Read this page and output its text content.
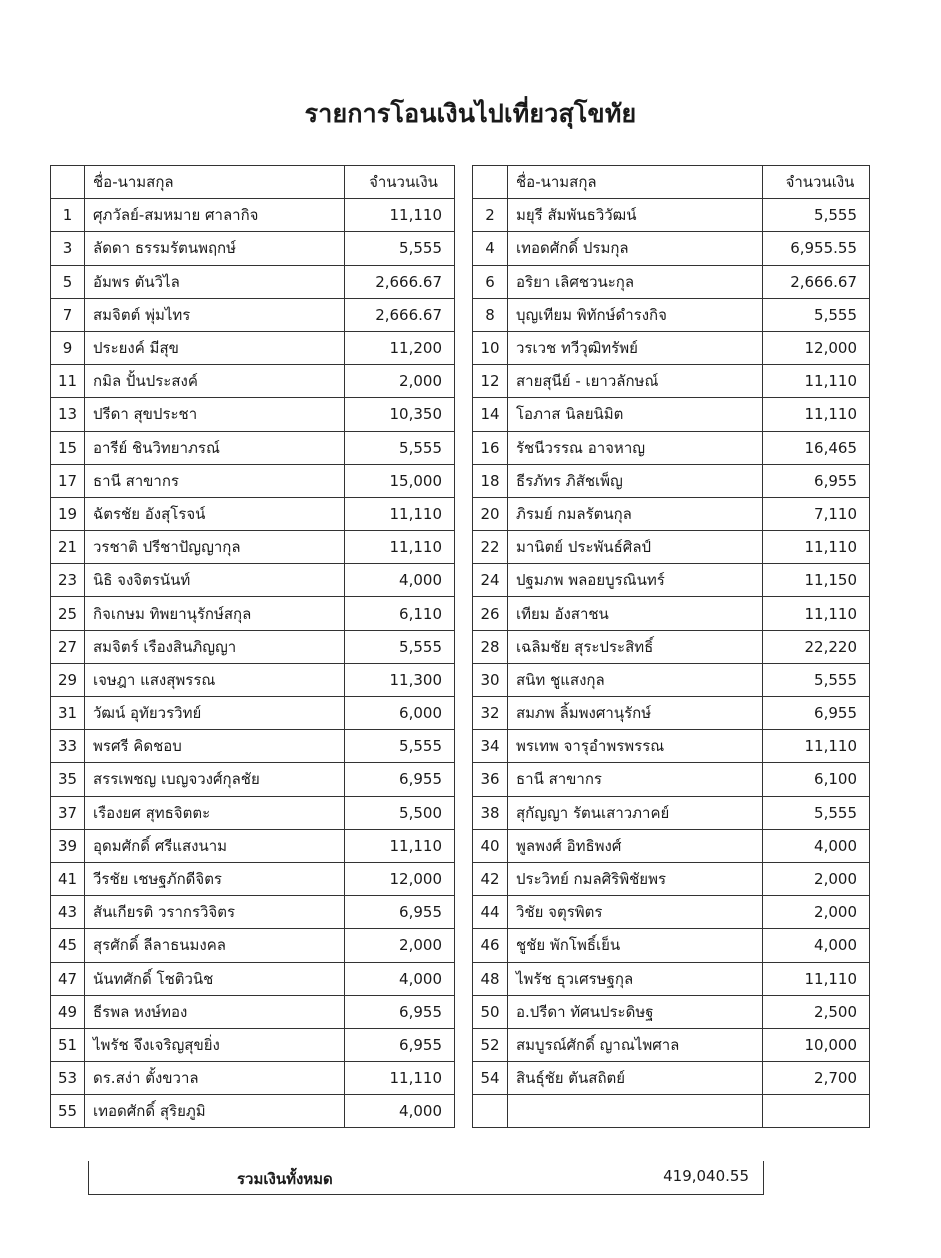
รายการโอนเงินไปเที่ยวสุโขทัย
	ชื่อ-นามสกุล	จำนวนเงิน
1	ศุภวัลย์-สมหมาย ศาลากิจ	11,110
3	ลัดดา ธรรมรัตนพฤกษ์	5,555
5	อัมพร ตันวิไล	2,666.67
7	สมจิตต์ พุ่มไทร	2,666.67
9	ประยงค์ มีสุข	11,200
11	กมิล ปั้นประสงค์	2,000
13	ปรีดา สุขประชา	10,350
15	อารีย์ ชินวิทยาภรณ์	5,555
17	ธานี สาขากร	15,000
19	ฉัตรชัย อังสุโรจน์	11,110
21	วรชาติ ปรีชาปัญญากุล	11,110
23	นิธิ จงจิตรนันท์	4,000
25	กิจเกษม ทิพยานุรักษ์สกุล	6,110
27	สมจิตร์ เรืองสินภิญญา	5,555
29	เจษฎา แสงสุพรรณ	11,300
31	วัฒน์ อุทัยวรวิทย์	6,000
33	พรศรี คิดชอบ	5,555
35	สรรเพชญ เบญจวงศ์กุลชัย	6,955
37	เรืองยศ สุทธจิตตะ	5,500
39	อุดมศักดิ์ ศรีแสงนาม	11,110
41	วีรชัย เชษฐภักดีจิตร	12,000
43	สันเกียรติ วรากรวิจิตร	6,955
45	สุรศักดิ์ ลีลาธนมงคล	2,000
47	นันทศักดิ์ โชติวนิช	4,000
49	ธีรพล หงษ์ทอง	6,955
51	ไพรัช จึงเจริญสุขยิ่ง	6,955
53	ดร.สง่า ตั้งขวาล	11,110
55	เทอดศักดิ์ สุริยภูมิ	4,000
	ชื่อ-นามสกุล	จำนวนเงิน
2	มยุรี สัมพันธวิวัฒน์	5,555
4	เทอดศักดิ์ ปรมกุล	6,955.55
6	อริยา เลิศชวนะกุล	2,666.67
8	บุญเทียม พิทักษ์ดำรงกิจ	5,555
10	วรเวช ทวีวุฒิทรัพย์	12,000
12	สายสุนีย์ - เยาวลักษณ์	11,110
14	โอภาส นิลยนิมิต	11,110
16	รัชนีวรรณ อาจหาญ	16,465
18	ธีรภัทร ภิสัชเพ็ญ	6,955
20	ภิรมย์ กมลรัตนกุล	7,110
22	มานิตย์ ประพันธ์ศิลป์	11,110
24	ปฐมภพ พลอยบูรณินทร์	11,150
26	เทียม อังสาชน	11,110
28	เฉลิมชัย สุระประสิทธิ์	22,220
30	สนิท ชูแสงกุล	5,555
32	สมภพ ลิ้มพงศานุรักษ์	6,955
34	พรเทพ จารุอำพรพรรณ	11,110
36	ธานี สาขากร	6,100
38	สุกัญญา รัตนเสาวภาคย์	5,555
40	พูลพงศ์ อิทธิพงศ์	4,000
42	ประวิทย์ กมลศิริพิชัยพร	2,000
44	วิชัย จตุรพิตร	2,000
46	ชูชัย พักโพธิ์เย็น	4,000
48	ไพรัช ธุวเศรษฐกุล	11,110
50	อ.ปรีดา ทัศนประดิษฐ	2,500
52	สมบูรณ์ศักดิ์ ญาณไพศาล	10,000
54	สินธุ์ชัย ตันสถิตย์	2,700

รวมเงินทั้งหมด	419,040.55
